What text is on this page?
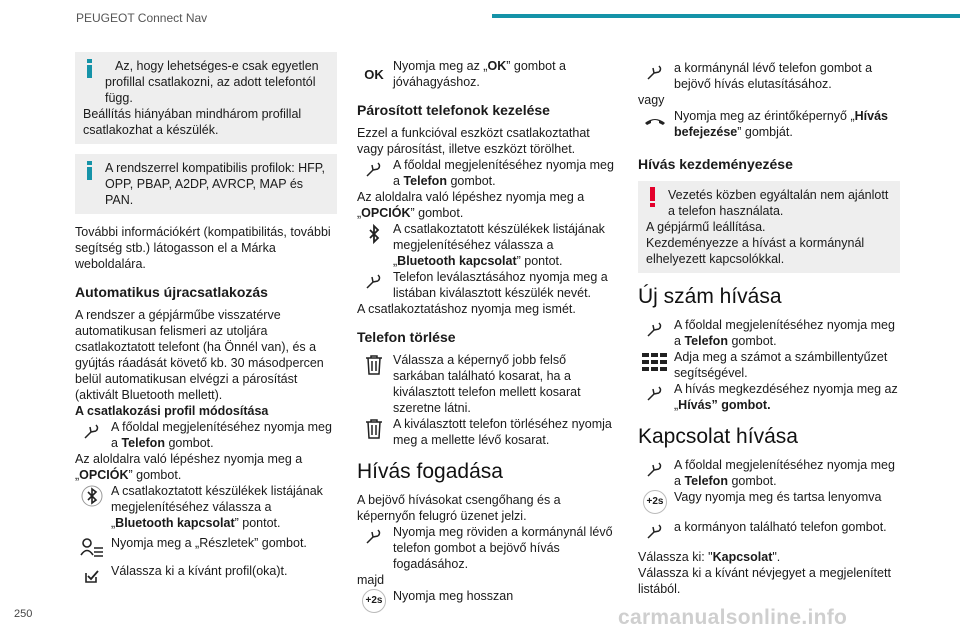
PEUGEOT Connect Nav
Az, hogy lehetséges-e csak egyetlen profillal csatlakozni, az adott telefontól függ.
Beállítás hiányában mindhárom profillal csatlakozhat a készülék.
A rendszerrel kompatibilis profilok: HFP, OPP, PBAP, A2DP, AVRCP, MAP és PAN.

További információkért (kompatibilitás, további segítség stb.) látogasson el a Márka weboldalára.

Automatikus újracsatlakozás

A rendszer a gépjárműbe visszatérve automatikusan felismeri az utoljára csatlakoztatott telefont (ha Önnél van), és a gyújtás ráadását követő kb. 30 másodpercen belül automatikusan elvégzi a párosítást (aktivált Bluetooth mellett).

A csatlakozási profil módosítása

A főoldal megjelenítéséhez nyomja meg a Telefon gombot.

Az aloldalra való lépéshez nyomja meg a „OPCIÓK” gombot.

A csatlakoztatott készülékek listájának megjelenítéséhez válassza a „Bluetooth kapcsolat” pontot.
Nyomja meg a „Részletek” gombot.
Válassza ki a kívánt profil(oka)t.
OK
Nyomja meg az „OK” gombot a jóváhagyáshoz.
Párosított telefonok kezelése

Ezzel a funkcióval eszközt csatlakoztathat vagy párosítást, illetve eszközt törölhet.

A főoldal megjelenítéséhez nyomja meg a Telefon gombot.

Az aloldalra való lépéshez nyomja meg a „OPCIÓK” gombot.

A csatlakoztatott készülékek listájának megjelenítéséhez válassza a „Bluetooth kapcsolat” pontot.
Telefon leválasztásához nyomja meg a listában kiválasztott készülék nevét.

A csatlakoztatáshoz nyomja meg ismét.

Telefon törlése
Válassza a képernyő jobb felső sarkában található kosarat, ha a kiválasztott telefon mellett kosarat szeretne látni.
A kiválasztott telefon törléséhez nyomja meg a mellette lévő kosarat.
Hívás fogadása

A bejövő hívásokat csengőhang és a képernyőn felugró üzenet jelzi.

Nyomja meg röviden a kormánynál lévő telefon gombot a bejövő hívás fogadásához.

majd

+2s Nyomja meg hosszan
a kormánynál lévő telefon gombot a bejövő hívás elutasításához.

vagy

Nyomja meg az érintőképernyő „Hívás befejezése” gombját.
Hívás kezdeményezése
Vezetés közben egyáltalán nem ajánlott a telefon használata.
A gépjármű leállítása.
Kezdeményezze a hívást a kormánynál elhelyezett kapcsolókkal.
Új szám hívása
A főoldal megjelenítéséhez nyomja meg a Telefon gombot.
Adja meg a számot a számbillentyűzet segítségével.
A hívás megkezdéséhez nyomja meg az „Hívás” gombot.
Kapcsolat hívása
A főoldal megjelenítéséhez nyomja meg a Telefon gombot.
+2s Vagy nyomja meg és tartsa lenyomva
a kormányon található telefon gombot.

Válassza ki: "Kapcsolat".

Válassza ki a kívánt névjegyet a megjelenített listából.

250	carmanualsonline.info
